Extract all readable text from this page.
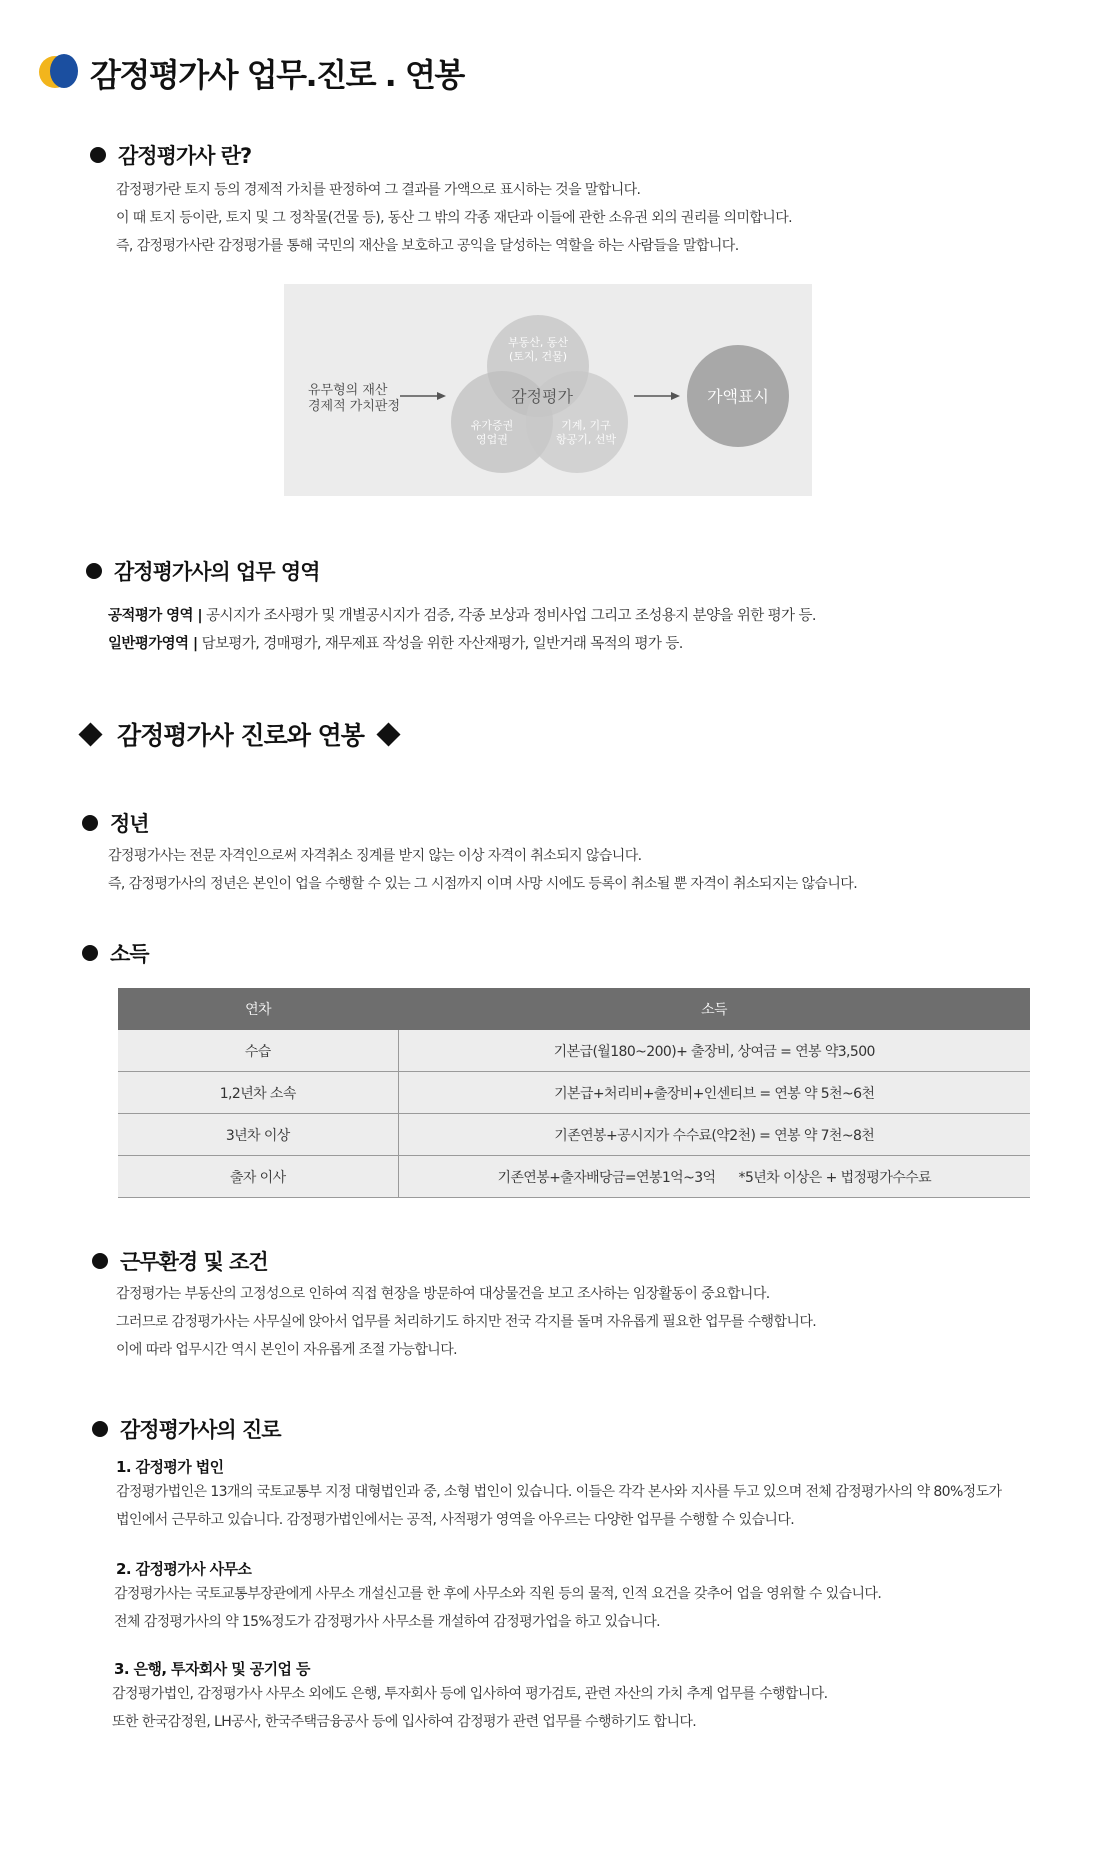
감정평가사 업무.진로 . 연봉
감정평가사 란?
감정평가란 토지 등의 경제적 가치를 판정하여 그 결과를 가액으로 표시하는 것을 말합니다.
이 때 토지 등이란, 토지 및 그 정착물(건물 등), 동산 그 밖의 각종 재단과 이들에 관한 소유권 외의 권리를 의미합니다.
즉, 감정평가사란 감정평가를 통해 국민의 재산을 보호하고 공익을 달성하는 역할을 하는 사람들을 말합니다.
유무형의 재산
경제적 가치판정
부동산, 동산
(토지, 건물)
감정평가
유가증권
영업권
기계, 기구
항공기, 선박
가액표시
감정평가사의 업무 영역
공적평가 영역 | 공시지가 조사평가 및 개별공시지가 검증, 각종 보상과 정비사업 그리고 조성용지 분양을 위한 평가 등.
일반평가영역 | 담보평가, 경매평가, 재무제표 작성을 위한 자산재평가, 일반거래 목적의 평가 등.
감정평가사 진로와 연봉
정년
감정평가사는 전문 자격인으로써 자격취소 징계를 받지 않는 이상 자격이 취소되지 않습니다.
즉, 감정평가사의 정년은 본인이 업을 수행할 수 있는 그 시점까지 이며 사망 시에도 등록이 취소될 뿐 자격이 취소되지는 않습니다.
소득
연차	소득
수습	기본급(월180~200)+ 출장비, 상여금 = 연봉 약3,500
1,2년차 소속	기본급+처리비+출장비+인센티브 = 연봉 약 5천~6천
3년차 이상	기존연봉+공시지가 수수료(약2천) = 연봉 약 7천~8천
출자 이사	기존연봉+출자배당금=연봉1억~3억      *5년차 이상은 + 법정평가수수료
근무환경 및 조건
감정평가는 부동산의 고정성으로 인하여 직접 현장을 방문하여 대상물건을 보고 조사하는 임장활동이 중요합니다.
그러므로 감정평가사는 사무실에 앉아서 업무를 처리하기도 하지만 전국 각지를 돌며 자유롭게 필요한 업무를 수행합니다.
이에 따라 업무시간 역시 본인이 자유롭게 조절 가능합니다.
감정평가사의 진로
1. 감정평가 법인
감정평가법인은 13개의 국토교통부 지정 대형법인과 중, 소형 법인이 있습니다. 이들은 각각 본사와 지사를 두고 있으며 전체 감정평가사의 약 80%정도가
법인에서 근무하고 있습니다. 감정평가법인에서는 공적, 사적평가 영역을 아우르는 다양한 업무를 수행할 수 있습니다.
2. 감정평가사 사무소
감정평가사는 국토교통부장관에게 사무소 개설신고를 한 후에 사무소와 직원 등의 물적, 인적 요건을 갖추어 업을 영위할 수 있습니다.
전체 감정평가사의 약 15%정도가 감정평가사 사무소를 개설하여 감정평가업을 하고 있습니다.
3. 은행, 투자회사 및 공기업 등
감정평가법인, 감정평가사 사무소 외에도 은행, 투자회사 등에 입사하여 평가검토, 관련 자산의 가치 추계 업무를 수행합니다.
또한 한국감정원, LH공사, 한국주택금융공사 등에 입사하여 감정평가 관련 업무를 수행하기도 합니다.
